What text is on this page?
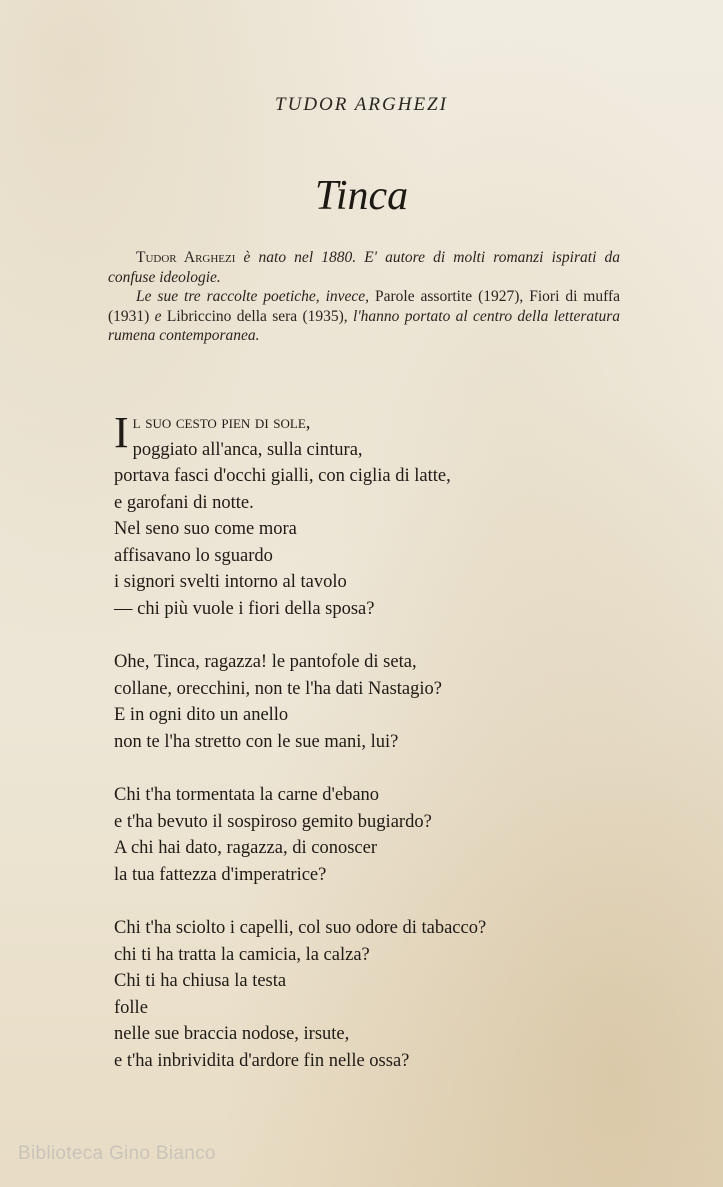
TUDOR ARGHEZI
Tinca

Tudor Arghezi è nato nel 1880. E' autore di molti romanzi ispirati da confuse ideologie.

Le sue tre raccolte poetiche, invece, Parole assortite (1927), Fiori di muffa (1931) e Libriccino della sera (1935), l'hanno portato al centro della letteratura rumena contemporanea.

Il suo cesto pien di sole,
poggiato all'anca, sulla cintura,
portava fasci d'occhi gialli, con ciglia di latte,
e garofani di notte.
Nel seno suo come mora
affisavano lo sguardo
i signori svelti intorno al tavolo
— chi più vuole i fiori della sposa?
Ohe, Tinca, ragazza! le pantofole di seta,
collane, orecchini, non te l'ha dati Nastagio?
E in ogni dito un anello
non te l'ha stretto con le sue mani, lui?
Chi t'ha tormentata la carne d'ebano
e t'ha bevuto il sospiroso gemito bugiardo?
A chi hai dato, ragazza, di conoscer
la tua fattezza d'imperatrice?
Chi t'ha sciolto i capelli, col suo odore di tabacco?
chi ti ha tratta la camicia, la calza?
Chi ti ha chiusa la testa
folle
nelle sue braccia nodose, irsute,
e t'ha inbrividita d'ardore fin nelle ossa?
Biblioteca Gino Bianco
